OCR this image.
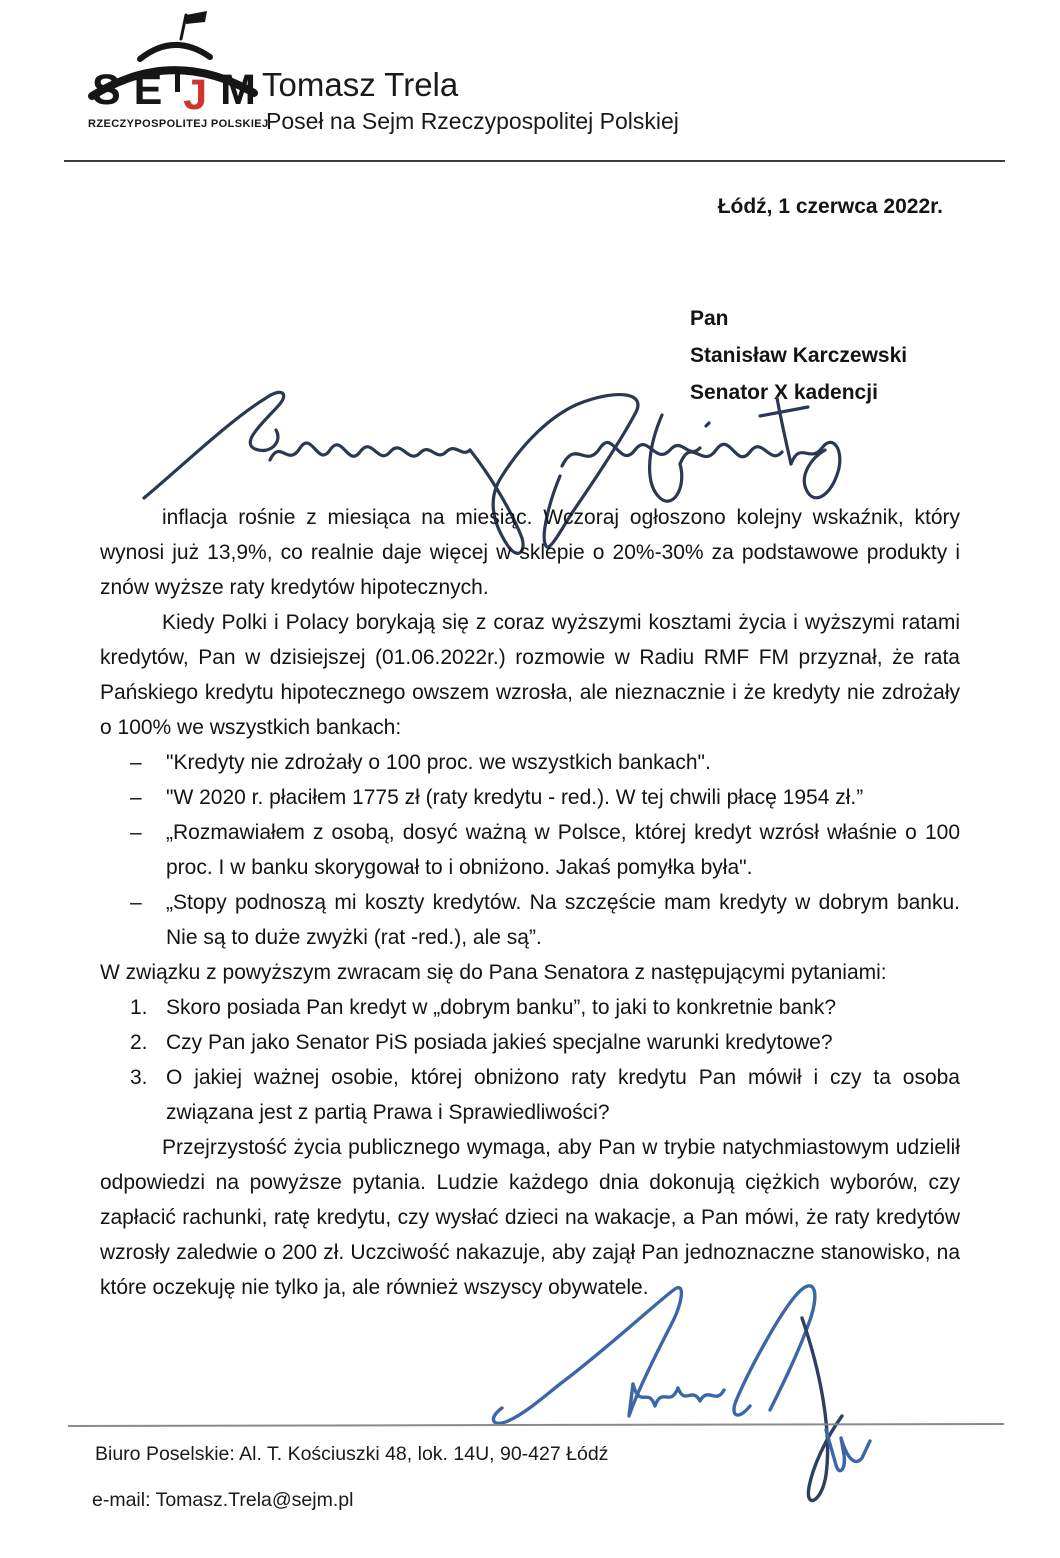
S E J M
RZECZYPOSPOLITEJ POLSKIEJ
Tomasz Trela
Poseł na Sejm Rzeczypospolitej Polskiej
Łódź, 1 czerwca 2022r.
Pan
Stanisław Karczewski
Senator X kadencji

inflacja rośnie z miesiąca na miesiąc. Wczoraj ogłoszono kolejny wskaźnik, który wynosi już 13,9%, co realnie daje więcej w sklepie o 20%-30% za podstawowe produkty i znów wyższe raty kredytów hipotecznych.

Kiedy Polki i Polacy borykają się z coraz wyższymi kosztami życia i wyższymi ratami kredytów, Pan w dzisiejszej (01.06.2022r.) rozmowie w Radiu RMF FM przyznał, że rata Pańskiego kredytu hipotecznego owszem wzrosła, ale nieznacznie i że kredyty nie zdrożały o 100% we wszystkich bankach:

– "Kredyty nie zdrożały o 100 proc. we wszystkich bankach".
– "W 2020 r. płaciłem 1775 zł (raty kredytu - red.). W tej chwili płacę 1954 zł.”
– „Rozmawiałem z osobą, dosyć ważną w Polsce, której kredyt wzrósł właśnie o 100 proc. I w banku skorygował to i obniżono. Jakaś pomyłka była".
– „Stopy podnoszą mi koszty kredytów. Na szczęście mam kredyty w dobrym banku. Nie są to duże zwyżki (rat -red.), ale są”.

W związku z powyższym zwracam się do Pana Senatora z następującymi pytaniami:

1. Skoro posiada Pan kredyt w „dobrym banku”, to jaki to konkretnie bank?
2. Czy Pan jako Senator PiS posiada jakieś specjalne warunki kredytowe?
3. O jakiej ważnej osobie, której obniżono raty kredytu Pan mówił i czy ta osoba związana jest z partią Prawa i Sprawiedliwości?

Przejrzystość życia publicznego wymaga, aby Pan w trybie natychmiastowym udzielił odpowiedzi na powyższe pytania. Ludzie każdego dnia dokonują ciężkich wyborów, czy zapłacić rachunki, ratę kredytu, czy wysłać dzieci na wakacje, a Pan mówi, że raty kredytów wzrosły zaledwie o 200 zł. Uczciwość nakazuje, aby zajął Pan jednoznaczne stanowisko, na które oczekuję nie tylko ja, ale również wszyscy obywatele.

Biuro Poselskie: Al. T. Kościuszki 48, lok. 14U, 90-427 Łódź
e-mail: Tomasz.Trela@sejm.pl
